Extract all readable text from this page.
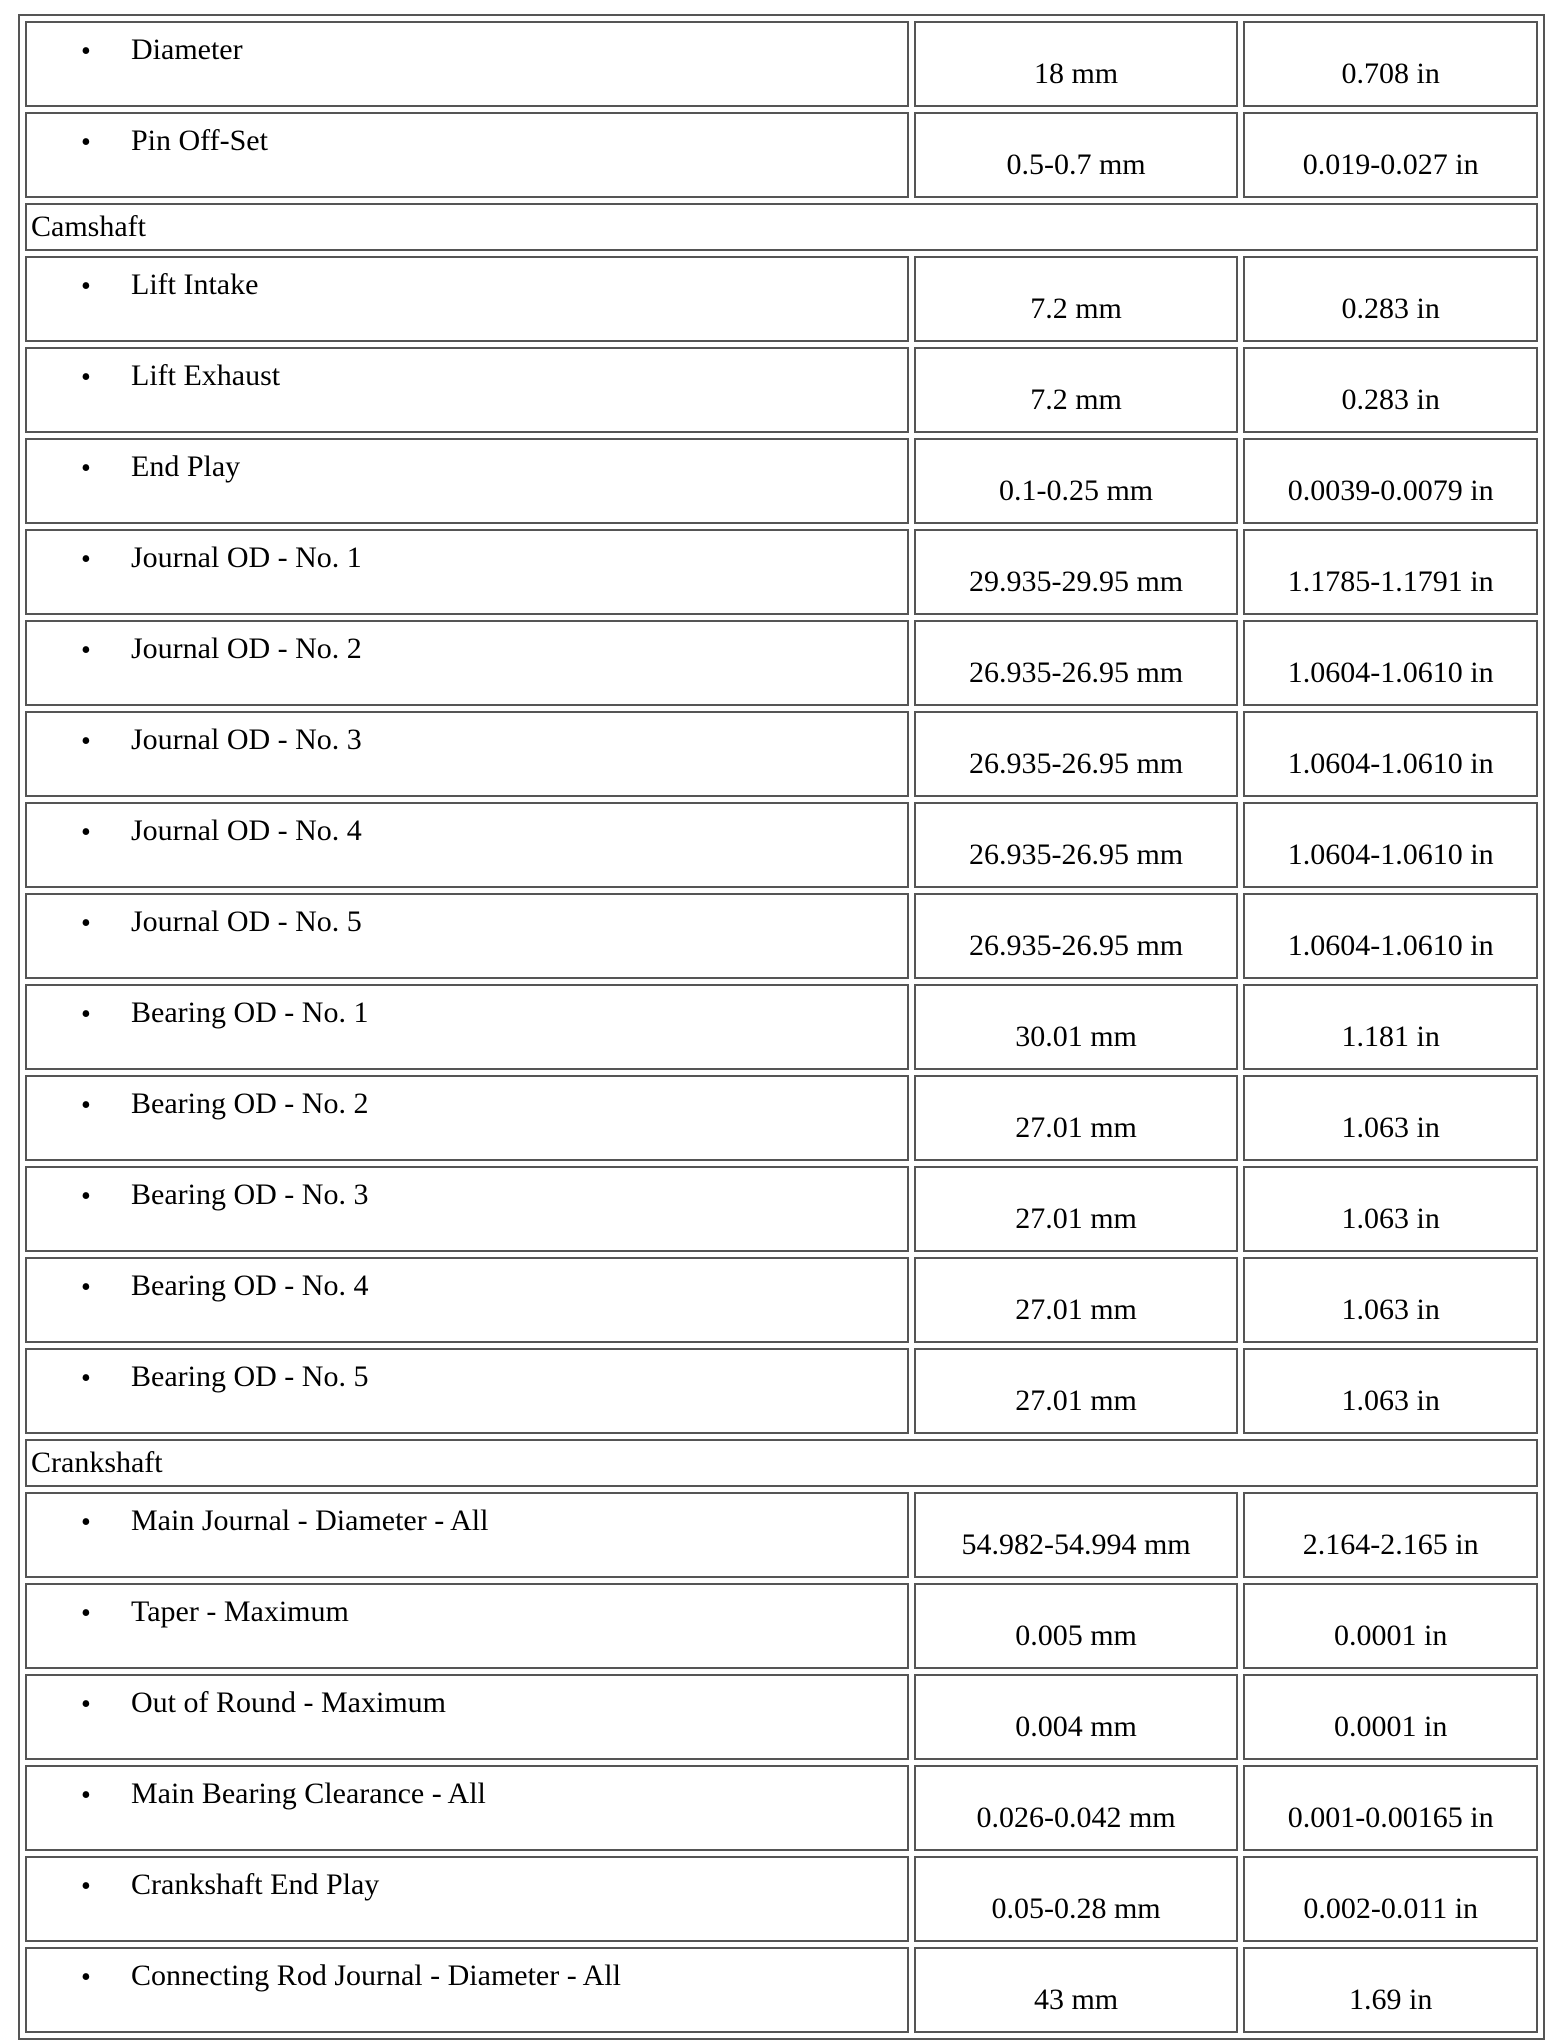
• Diameter	18 mm	0.708 in

• Pin Off-Set	0.5-0.7 mm	0.019-0.027 in

Camshaft		

• Lift Intake	7.2 mm	0.283 in

• Lift Exhaust	7.2 mm	0.283 in

• End Play	0.1-0.25 mm	0.0039-0.0079 in

• Journal OD - No. 1	29.935-29.95 mm	1.1785-1.1791 in

• Journal OD - No. 2	26.935-26.95 mm	1.0604-1.0610 in

• Journal OD - No. 3	26.935-26.95 mm	1.0604-1.0610 in

• Journal OD - No. 4	26.935-26.95 mm	1.0604-1.0610 in

• Journal OD - No. 5	26.935-26.95 mm	1.0604-1.0610 in

• Bearing OD - No. 1	30.01 mm	1.181 in

• Bearing OD - No. 2	27.01 mm	1.063 in

• Bearing OD - No. 3	27.01 mm	1.063 in

• Bearing OD - No. 4	27.01 mm	1.063 in

• Bearing OD - No. 5	27.01 mm	1.063 in

Crankshaft		

• Main Journal - Diameter - All	54.982-54.994 mm	2.164-2.165 in

• Taper - Maximum	0.005 mm	0.0001 in

• Out of Round - Maximum	0.004 mm	0.0001 in

• Main Bearing Clearance - All	0.026-0.042 mm	0.001-0.00165 in

• Crankshaft End Play	0.05-0.28 mm	0.002-0.011 in

• Connecting Rod Journal - Diameter - All	43 mm	1.69 in
